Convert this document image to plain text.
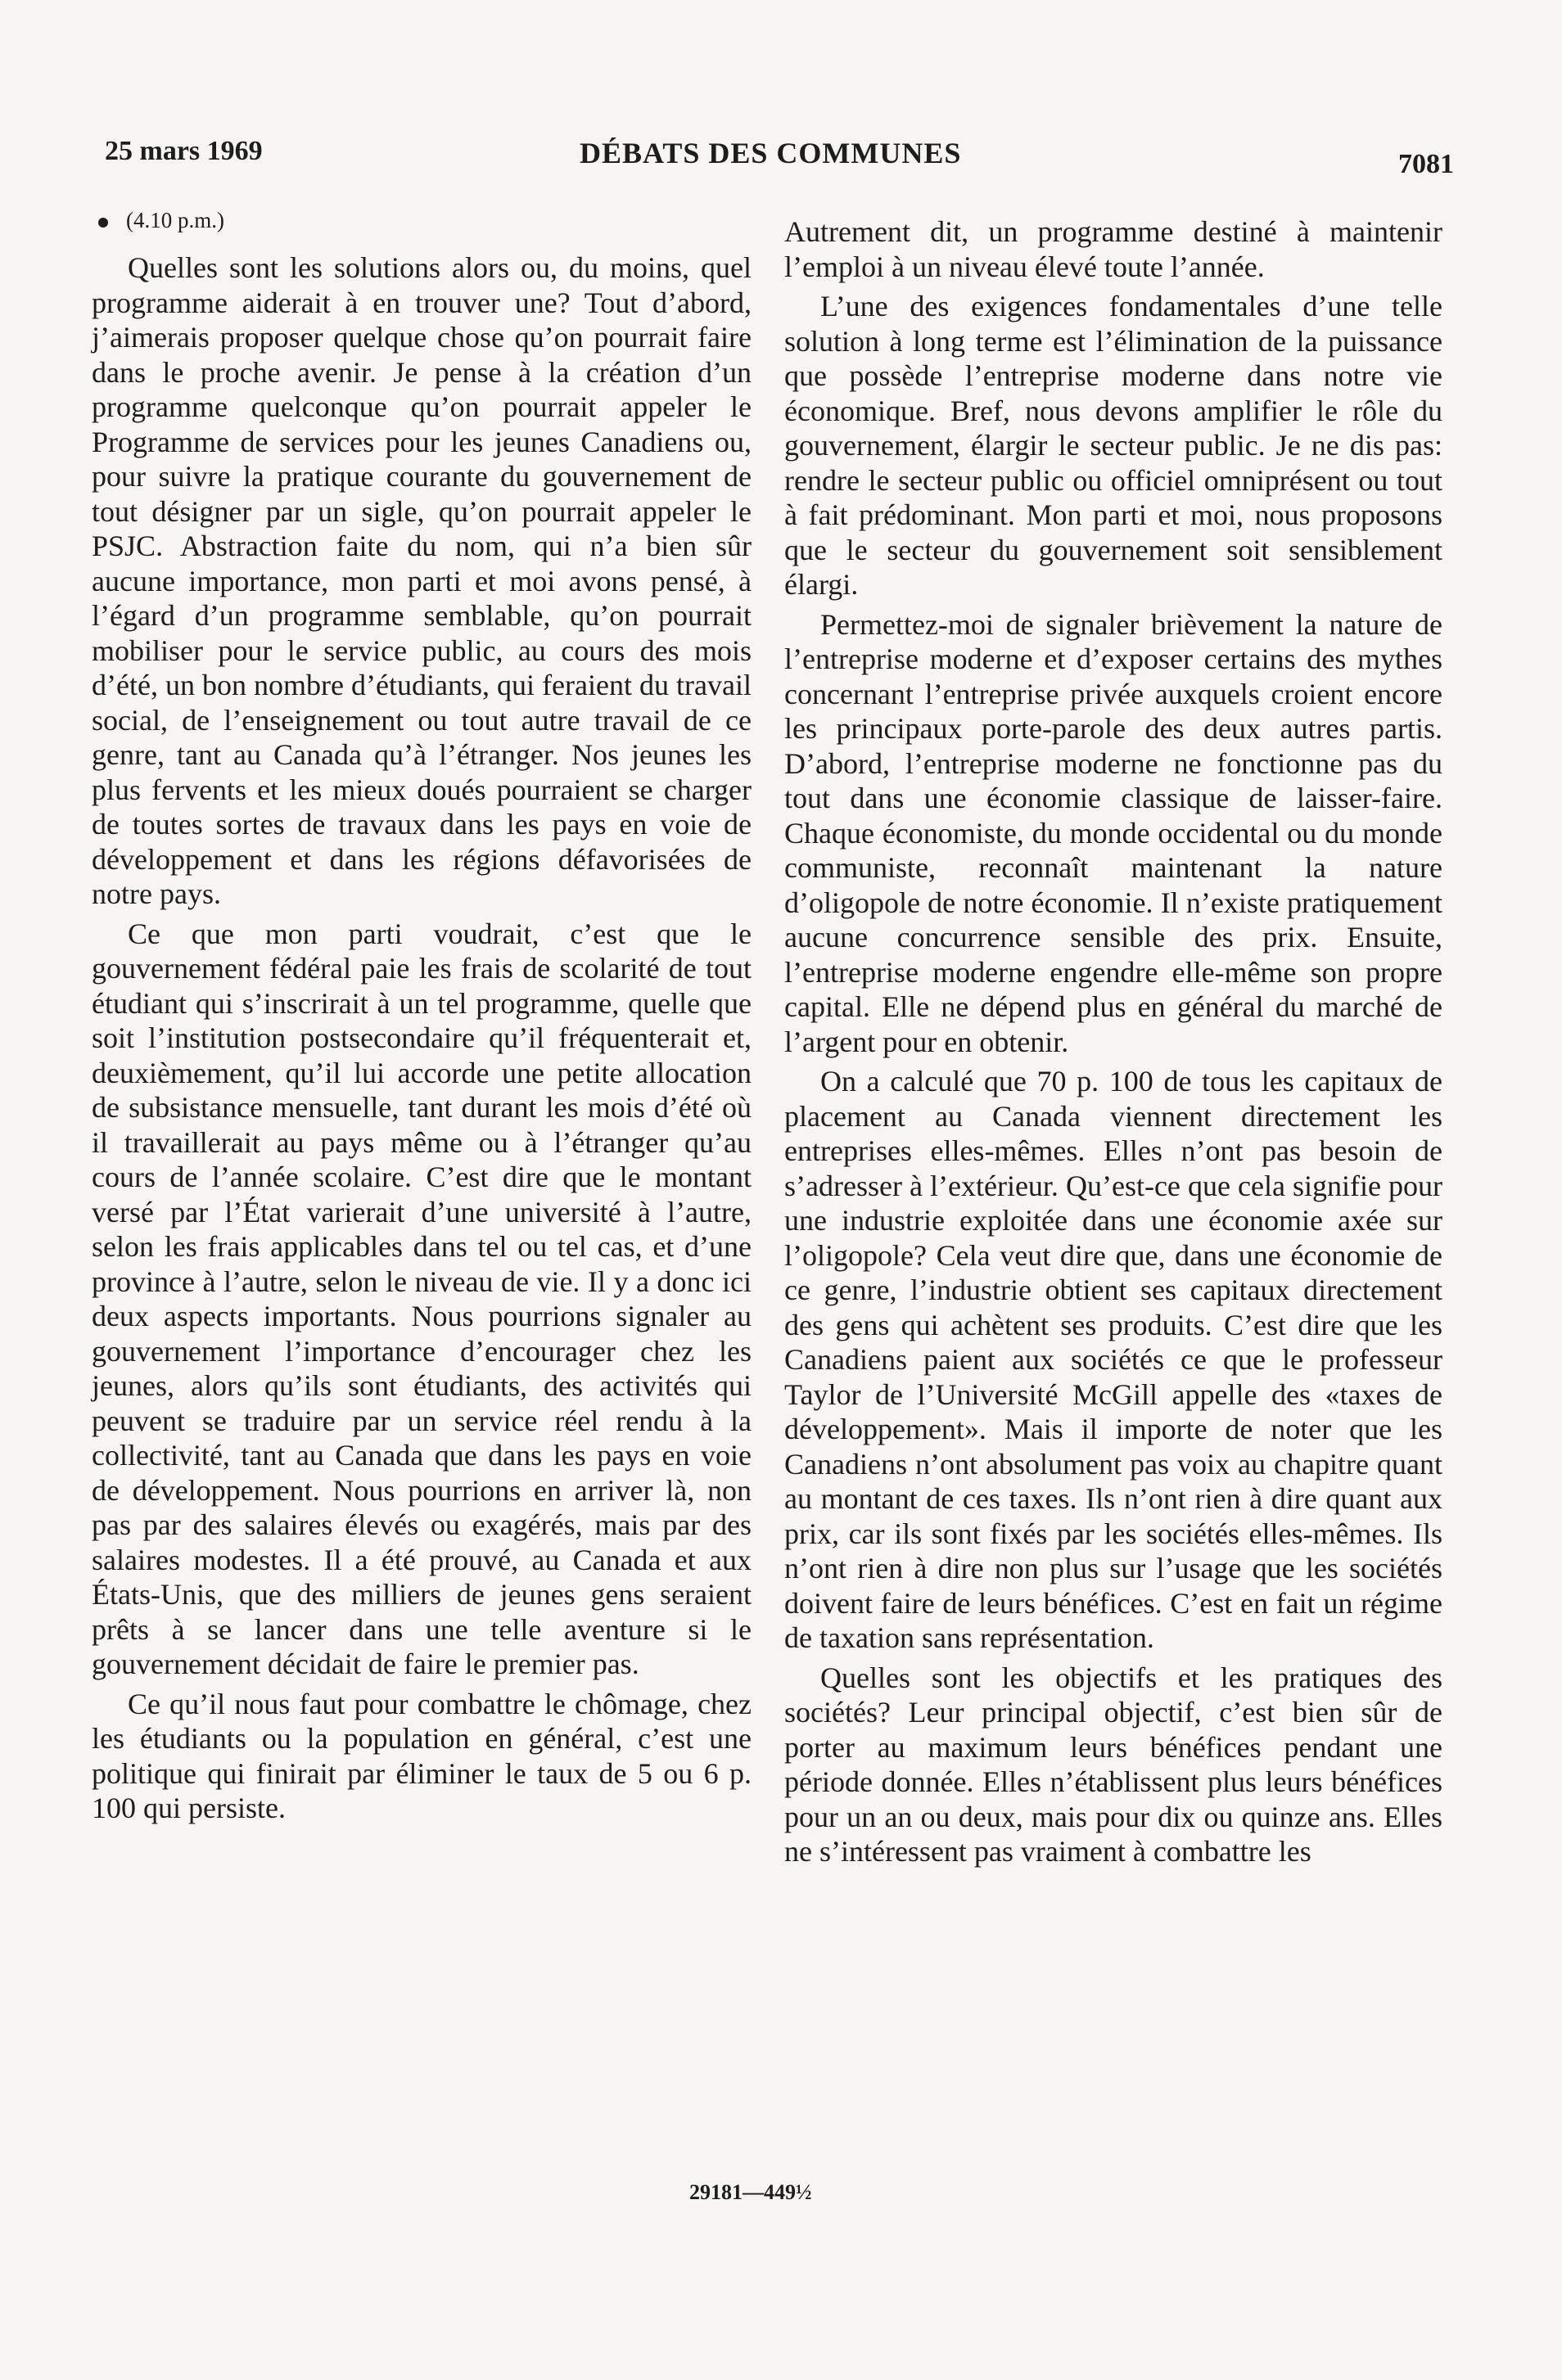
25 mars 1969	DÉBATS DES COMMUNES	7081
(4.10 p.m.)

Quelles sont les solutions alors ou, du moins, quel programme aiderait à en trouver une? Tout d’abord, j’aimerais proposer quelque chose qu’on pourrait faire dans le proche avenir. Je pense à la création d’un programme quelconque qu’on pourrait appeler le Programme de services pour les jeunes Canadiens ou, pour suivre la pratique courante du gouvernement de tout désigner par un sigle, qu’on pourrait appeler le PSJC. Abstraction faite du nom, qui n’a bien sûr aucune importance, mon parti et moi avons pensé, à l’égard d’un programme semblable, qu’on pourrait mobiliser pour le service public, au cours des mois d’été, un bon nombre d’étudiants, qui feraient du travail social, de l’enseignement ou tout autre travail de ce genre, tant au Canada qu’à l’étranger. Nos jeunes les plus fervents et les mieux doués pourraient se charger de toutes sortes de travaux dans les pays en voie de développement et dans les régions défavorisées de notre pays.

Ce que mon parti voudrait, c’est que le gouvernement fédéral paie les frais de scolarité de tout étudiant qui s’inscrirait à un tel programme, quelle que soit l’institution postsecondaire qu’il fréquenterait et, deuxièmement, qu’il lui accorde une petite allocation de subsistance mensuelle, tant durant les mois d’été où il travaillerait au pays même ou à l’étranger qu’au cours de l’année scolaire. C’est dire que le montant versé par l’État varierait d’une université à l’autre, selon les frais applicables dans tel ou tel cas, et d’une province à l’autre, selon le niveau de vie. Il y a donc ici deux aspects importants. Nous pourrions signaler au gouvernement l’importance d’encourager chez les jeunes, alors qu’ils sont étudiants, des activités qui peuvent se traduire par un service réel rendu à la collectivité, tant au Canada que dans les pays en voie de développement. Nous pourrions en arriver là, non pas par des salaires élevés ou exagérés, mais par des salaires modestes. Il a été prouvé, au Canada et aux États-Unis, que des milliers de jeunes gens seraient prêts à se lancer dans une telle aventure si le gouvernement décidait de faire le premier pas.

Ce qu’il nous faut pour combattre le chômage, chez les étudiants ou la population en général, c’est une politique qui finirait par éliminer le taux de 5 ou 6 p. 100 qui persiste.

Autrement dit, un programme destiné à maintenir l’emploi à un niveau élevé toute l’année.

L’une des exigences fondamentales d’une telle solution à long terme est l’élimination de la puissance que possède l’entreprise moderne dans notre vie économique. Bref, nous devons amplifier le rôle du gouvernement, élargir le secteur public. Je ne dis pas: rendre le secteur public ou officiel omniprésent ou tout à fait prédominant. Mon parti et moi, nous proposons que le secteur du gouvernement soit sensiblement élargi.

Permettez-moi de signaler brièvement la nature de l’entreprise moderne et d’exposer certains des mythes concernant l’entreprise privée auxquels croient encore les principaux porte-parole des deux autres partis. D’abord, l’entreprise moderne ne fonctionne pas du tout dans une économie classique de laisser-faire. Chaque économiste, du monde occidental ou du monde communiste, reconnaît maintenant la nature d’oligopole de notre économie. Il n’existe pratiquement aucune concurrence sensible des prix. Ensuite, l’entreprise moderne engendre elle-même son propre capital. Elle ne dépend plus en général du marché de l’argent pour en obtenir.

On a calculé que 70 p. 100 de tous les capitaux de placement au Canada viennent directement les entreprises elles-mêmes. Elles n’ont pas besoin de s’adresser à l’extérieur. Qu’est-ce que cela signifie pour une industrie exploitée dans une économie axée sur l’oligopole? Cela veut dire que, dans une économie de ce genre, l’industrie obtient ses capitaux directement des gens qui achètent ses produits. C’est dire que les Canadiens paient aux sociétés ce que le professeur Taylor de l’Université McGill appelle des «taxes de développement». Mais il importe de noter que les Canadiens n’ont absolument pas voix au chapitre quant au montant de ces taxes. Ils n’ont rien à dire quant aux prix, car ils sont fixés par les sociétés elles-mêmes. Ils n’ont rien à dire non plus sur l’usage que les sociétés doivent faire de leurs bénéfices. C’est en fait un régime de taxation sans représentation.

Quelles sont les objectifs et les pratiques des sociétés? Leur principal objectif, c’est bien sûr de porter au maximum leurs bénéfices pendant une période donnée. Elles n’établissent plus leurs bénéfices pour un an ou deux, mais pour dix ou quinze ans. Elles ne s’intéressent pas vraiment à combattre les

29181—449½
